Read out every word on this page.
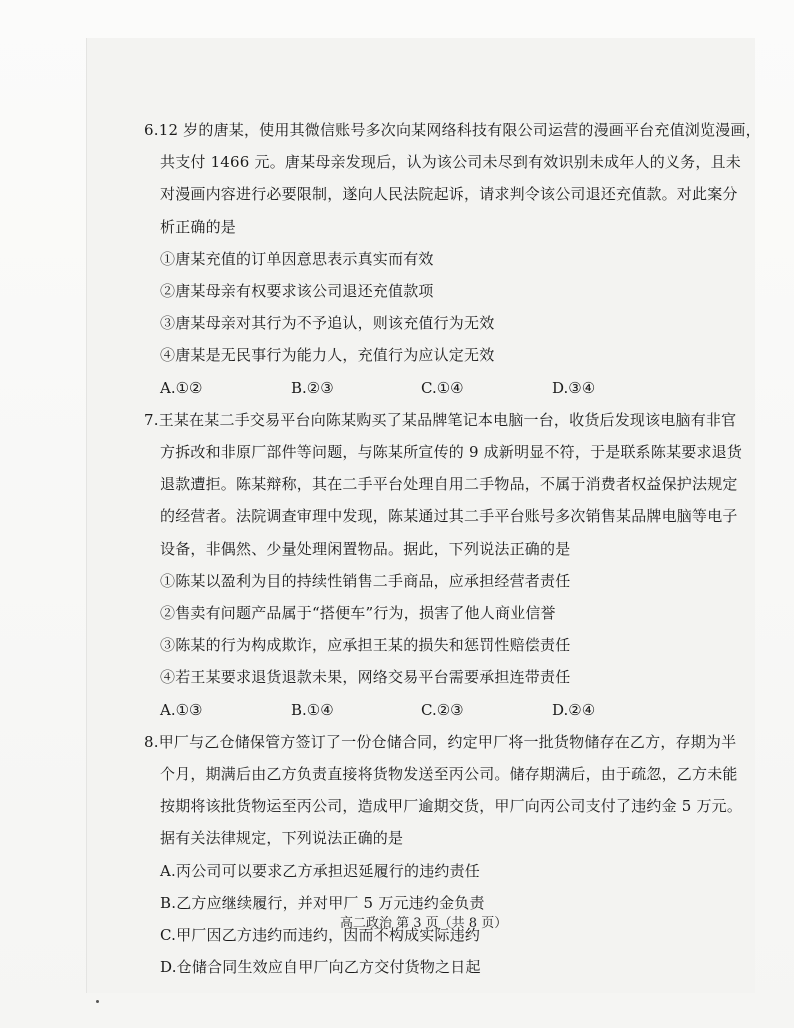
6.12 岁的唐某，使用其微信账号多次向某网络科技有限公司运营的漫画平台充值浏览漫画，
共支付 1466 元。唐某母亲发现后，认为该公司未尽到有效识别未成年人的义务，且未
对漫画内容进行必要限制，遂向人民法院起诉，请求判令该公司退还充值款。对此案分
析正确的是
①唐某充值的订单因意思表示真实而有效
②唐某母亲有权要求该公司退还充值款项
③唐某母亲对其行为不予追认，则该充值行为无效
④唐某是无民事行为能力人，充值行为应认定无效
A.①②	B.②③	C.①④	D.③④
7.王某在某二手交易平台向陈某购买了某品牌笔记本电脑一台，收货后发现该电脑有非官
方拆改和非原厂部件等问题，与陈某所宣传的 9 成新明显不符，于是联系陈某要求退货
退款遭拒。陈某辩称，其在二手平台处理自用二手物品，不属于消费者权益保护法规定
的经营者。法院调查审理中发现，陈某通过其二手平台账号多次销售某品牌电脑等电子
设备，非偶然、少量处理闲置物品。据此，下列说法正确的是
①陈某以盈利为目的持续性销售二手商品，应承担经营者责任
②售卖有问题产品属于“搭便车”行为，损害了他人商业信誉
③陈某的行为构成欺诈，应承担王某的损失和惩罚性赔偿责任
④若王某要求退货退款未果，网络交易平台需要承担连带责任
A.①③	B.①④	C.②③	D.②④
8.甲厂与乙仓储保管方签订了一份仓储合同，约定甲厂将一批货物储存在乙方，存期为半
个月，期满后由乙方负责直接将货物发送至丙公司。储存期满后，由于疏忽，乙方未能
按期将该批货物运至丙公司，造成甲厂逾期交货，甲厂向丙公司支付了违约金 5 万元。
据有关法律规定，下列说法正确的是
A.丙公司可以要求乙方承担迟延履行的违约责任
B.乙方应继续履行，并对甲厂 5 万元违约金负责
C.甲厂因乙方违约而违约，因而不构成实际违约
D.仓储合同生效应自甲厂向乙方交付货物之日起
高二政治 第 3 页（共 8 页）
